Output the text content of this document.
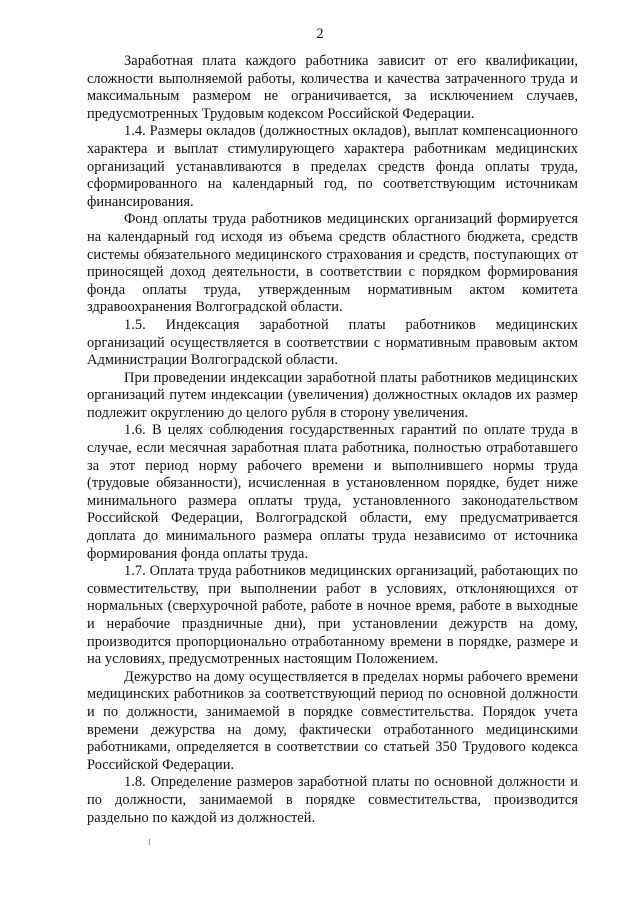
2

Заработная плата каждого работника зависит от его квалификации, сложности выполняемой работы, количества и качества затраченного труда и максимальным размером не ограничивается, за исключением случаев, предусмотренных Трудовым кодексом Российской Федерации.

1.4. Размеры окладов (должностных окладов), выплат компенсационного характера и выплат стимулирующего характера работникам медицинских организаций устанавливаются в пределах средств фонда оплаты труда, сформированного на календарный год, по соответствующим источникам финансирования.

Фонд оплаты труда работников медицинских организаций формируется на календарный год исходя из объема средств областного бюджета, средств системы обязательного медицинского страхования и средств, поступающих от приносящей доход деятельности, в соответствии с порядком формирования фонда оплаты труда, утвержденным нормативным актом комитета здравоохранения Волгоградской области.

1.5. Индексация заработной платы работников медицинских организаций осуществляется в соответствии с нормативным правовым актом Администрации Волгоградской области.

При проведении индексации заработной платы работников медицинских организаций путем индексации (увеличения) должностных окладов их размер подлежит округлению до целого рубля в сторону увеличения.

1.6. В целях соблюдения государственных гарантий по оплате труда в случае, если месячная заработная плата работника, полностью отработавшего за этот период норму рабочего времени и выполнившего нормы труда (трудовые обязанности), исчисленная в установленном порядке, будет ниже минимального размера оплаты труда, установленного законодательством Российской Федерации, Волгоградской области, ему предусматривается доплата до минимального размера оплаты труда независимо от источника формирования фонда оплаты труда.

1.7. Оплата труда работников медицинских организаций, работающих по совместительству, при выполнении работ в условиях, отклоняющихся от нормальных (сверхурочной работе, работе в ночное время, работе в выходные и нерабочие праздничные дни), при установлении дежурств на дому, производится пропорционально отработанному времени в порядке, размере и на условиях, предусмотренных настоящим Положением.

Дежурство на дому осуществляется в пределах нормы рабочего времени медицинских работников за соответствующий период по основной должности и по должности, занимаемой в порядке совместительства. Порядок учета времени дежурства на дому, фактически отработанного медицинскими работниками, определяется в соответствии со статьей 350 Трудового кодекса Российской Федерации.

1.8. Определение размеров заработной платы по основной должности и по должности, занимаемой в порядке совместительства, производится раздельно по каждой из должностей.
